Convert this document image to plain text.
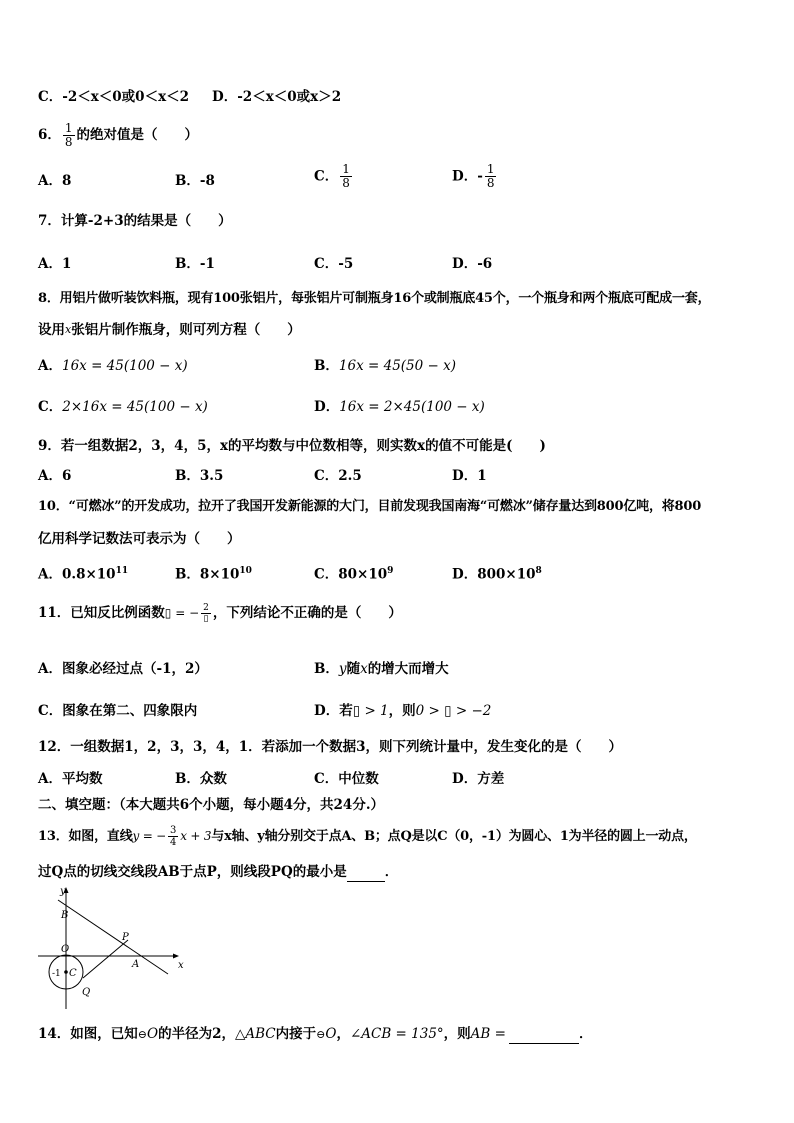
C．-2＜x＜0或0＜x＜2 D．-2＜x＜0或x＞2
6． $\frac{1}{8}$ 的绝对值是（　　）
A．8	B．-8	C． $\frac{1}{8}$	D．- $\frac{1}{8}$
7．计算-2+3的结果是（　　）
A．1	B．-1	C．-5	D．-6
8．用铝片做听装饮料瓶，现有100张铝片，每张铝片可制瓶身16个或制瓶底45个，一个瓶身和两个瓶底可配成一套，
设用$^x$张铝片制作瓶身，则可列方程（　　）
A．16x = 45(100 − x)	B．16x = 45(50 − x)
C．2×16x = 45(100 − x)	D．16x = 2×45(100 − x)
9．若一组数据2，3，4，5，x的平均数与中位数相等，则实数x的值不可能是(　　)
A．6	B．3.5	C．2.5	D．1
10．“可燃冰”的开发成功，拉开了我国开发新能源的大门，目前发现我国南海“可燃冰”储存量达到800亿吨，将800
亿用科学记数法可表示为（　　）
A．$0.8\times 10^{11}$	B．$8\times 10^{10}$	C．$80\times 10^9$	D．$800\times 10^8$
11．已知反比例函数▯ = − $\frac{2}{▯}$ ，下列结论不正确的是（　　）
A．图象必经过点（-1，2）	B．y随x的增大而增大
C．图象在第二、四象限内	D．若▯ > 1，则0 > ▯ > −2
12．一组数据1，2，3，3，4，1．若添加一个数据3，则下列统计量中，发生变化的是（　　）
A．平均数	B．众数	C．中位数	D．方差
二、填空题：（本大题共6个小题，每小题4分，共24分.）
13．如图，直线y = − $\frac{3}{4}$ x + 3与x轴、y轴分别交于点A、B；点Q是以C（0，-1）为圆心、1为半径的圆上一动点，
过Q点的切线交线段AB于点P，则线段PQ的最小是	．
y
x
B
O
P
A
Q
C
-1
14．如图，已知⊖O的半径为2，△ABC内接于⊖O，∠ACB = 135°，则AB =	．
